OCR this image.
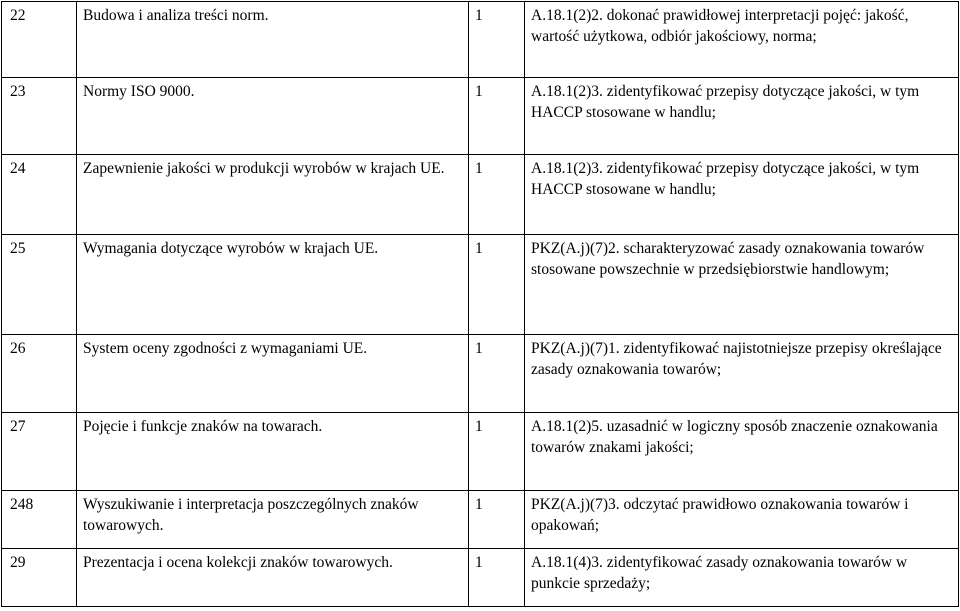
22	Budowa i analiza treści norm.	1	A.18.1(2)2. dokonać prawidłowej interpretacji pojęć: jakość, wartość użytkowa, odbiór jakościowy, norma;
23	Normy ISO 9000.	1	A.18.1(2)3. zidentyfikować przepisy dotyczące jakości, w tym HACCP stosowane w handlu;
24	Zapewnienie jakości w produkcji wyrobów w krajach UE.	1	A.18.1(2)3. zidentyfikować przepisy dotyczące jakości, w tym HACCP stosowane w handlu;
25	Wymagania dotyczące wyrobów w krajach UE.	1	PKZ(A.j)(7)2. scharakteryzować zasady oznakowania towarów stosowane powszechnie w przedsiębiorstwie handlowym;
26	System oceny zgodności z wymaganiami UE.	1	PKZ(A.j)(7)1. zidentyfikować najistotniejsze przepisy określające zasady oznakowania towarów;
27	Pojęcie i funkcje znaków na towarach.	1	A.18.1(2)5. uzasadnić w logiczny sposób znaczenie oznakowania towarów znakami jakości;
248	Wyszukiwanie i interpretacja poszczególnych znaków towarowych.	1	PKZ(A.j)(7)3. odczytać prawidłowo oznakowania towarów i opakowań;
29	Prezentacja i ocena kolekcji znaków towarowych.	1	A.18.1(4)3. zidentyfikować zasady oznakowania towarów w punkcie sprzedaży;
